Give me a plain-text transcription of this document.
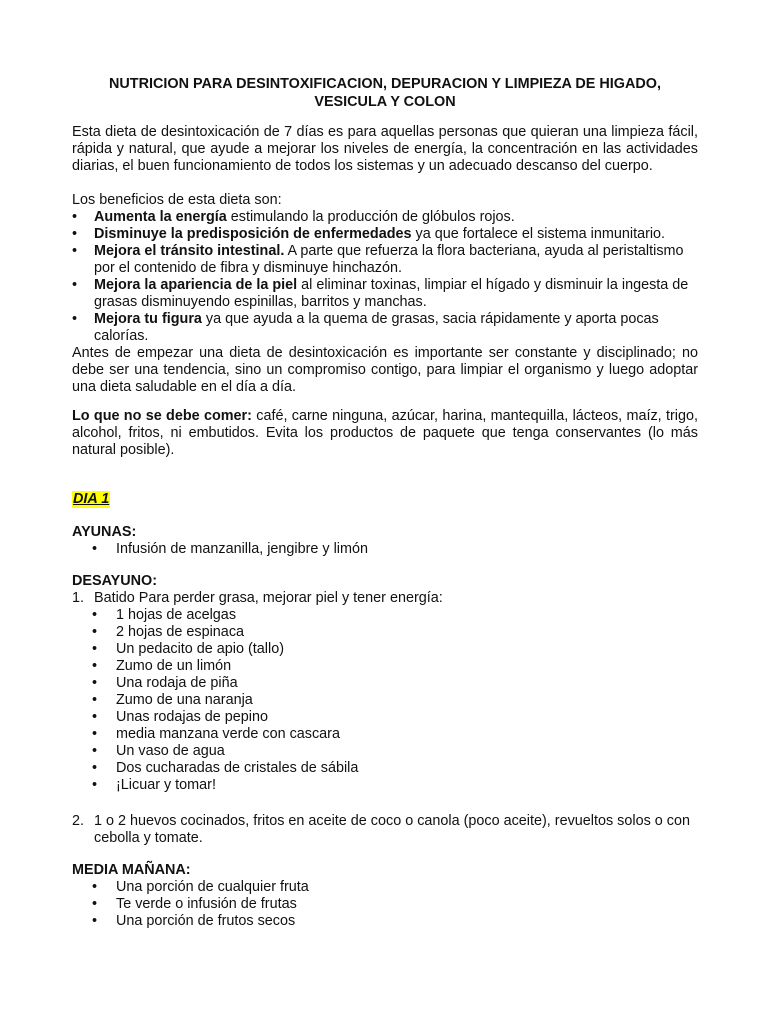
NUTRICION PARA DESINTOXIFICACION, DEPURACION Y LIMPIEZA DE HIGADO,
VESICULA Y COLON

Esta dieta de desintoxicación de 7 días es para aquellas personas que quieran una limpieza fácil, rápida y natural, que ayude a mejorar los niveles de energía, la concentración en las actividades diarias, el buen funcionamiento de todos los sistemas y un adecuado descanso del cuerpo.

Los beneficios de esta dieta son:
• Aumenta la energía estimulando la producción de glóbulos rojos.
• Disminuye la predisposición de enfermedades ya que fortalece el sistema inmunitario.
• Mejora el tránsito intestinal. A parte que refuerza la flora bacteriana, ayuda al peristaltismo por el contenido de fibra y disminuye hinchazón.
• Mejora la apariencia de la piel al eliminar toxinas, limpiar el hígado y disminuir la ingesta de grasas disminuyendo espinillas, barritos y manchas.
• Mejora tu figura ya que ayuda a la quema de grasas, sacia rápidamente y aporta pocas calorías.

Antes de empezar una dieta de desintoxicación es importante ser constante y disciplinado; no debe ser una tendencia, sino un compromiso contigo, para limpiar el organismo y luego adoptar una dieta saludable en el día a día.

Lo que no se debe comer: café, carne ninguna, azúcar, harina, mantequilla, lácteos, maíz, trigo, alcohol, fritos, ni embutidos. Evita los productos de paquete que tenga conservantes (lo más natural posible).

DIA 1
AYUNAS:
• Infusión de manzanilla, jengibre y limón
DESAYUNO:
1. Batido Para perder grasa, mejorar piel y tener energía:
• 1 hojas de acelgas
• 2 hojas de espinaca
• Un pedacito de apio (tallo)
• Zumo de un limón
• Una rodaja de piña
• Zumo de una naranja
• Unas rodajas de pepino
• media manzana verde con cascara
• Un vaso de agua
• Dos cucharadas de cristales de sábila
• ¡Licuar y tomar!
2. 1 o 2 huevos cocinados, fritos en aceite de coco o canola (poco aceite), revueltos solos o con cebolla y tomate.
MEDIA MAÑANA:
• Una porción de cualquier fruta
• Te verde o infusión de frutas
• Una porción de frutos secos
